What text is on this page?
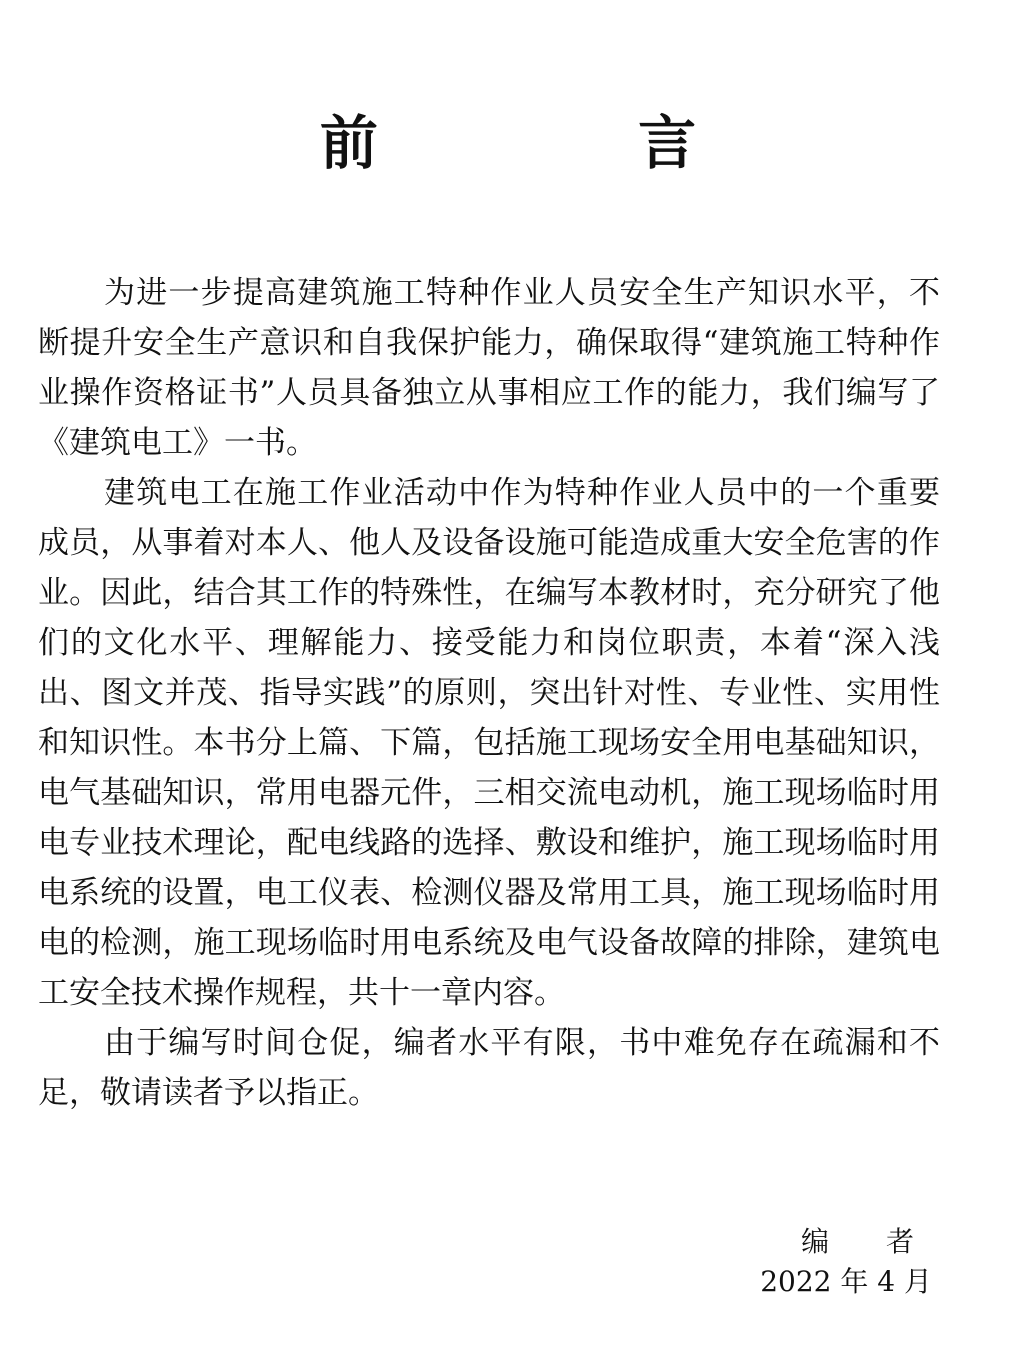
前 言

为进一步提高建筑施工特种作业人员安全生产知识水平，不断提升安全生产意识和自我保护能力，确保取得“建筑施工特种作业操作资格证书”人员具备独立从事相应工作的能力，我们编写了《建筑电工》一书。

建筑电工在施工作业活动中作为特种作业人员中的一个重要成员，从事着对本人、他人及设备设施可能造成重大安全危害的作业。因此，结合其工作的特殊性，在编写本教材时，充分研究了他们的文化水平、理解能力、接受能力和岗位职责，本着“深入浅出、图文并茂、指导实践”的原则，突出针对性、专业性、实用性和知识性。本书分上篇、下篇，包括施工现场安全用电基础知识，电气基础知识，常用电器元件，三相交流电动机，施工现场临时用电专业技术理论，配电线路的选择、敷设和维护，施工现场临时用电系统的设置，电工仪表、检测仪器及常用工具，施工现场临时用电的检测，施工现场临时用电系统及电气设备故障的排除，建筑电工安全技术操作规程，共十一章内容。

由于编写时间仓促，编者水平有限，书中难免存在疏漏和不足，敬请读者予以指正。

编 者
2022 年 4 月
